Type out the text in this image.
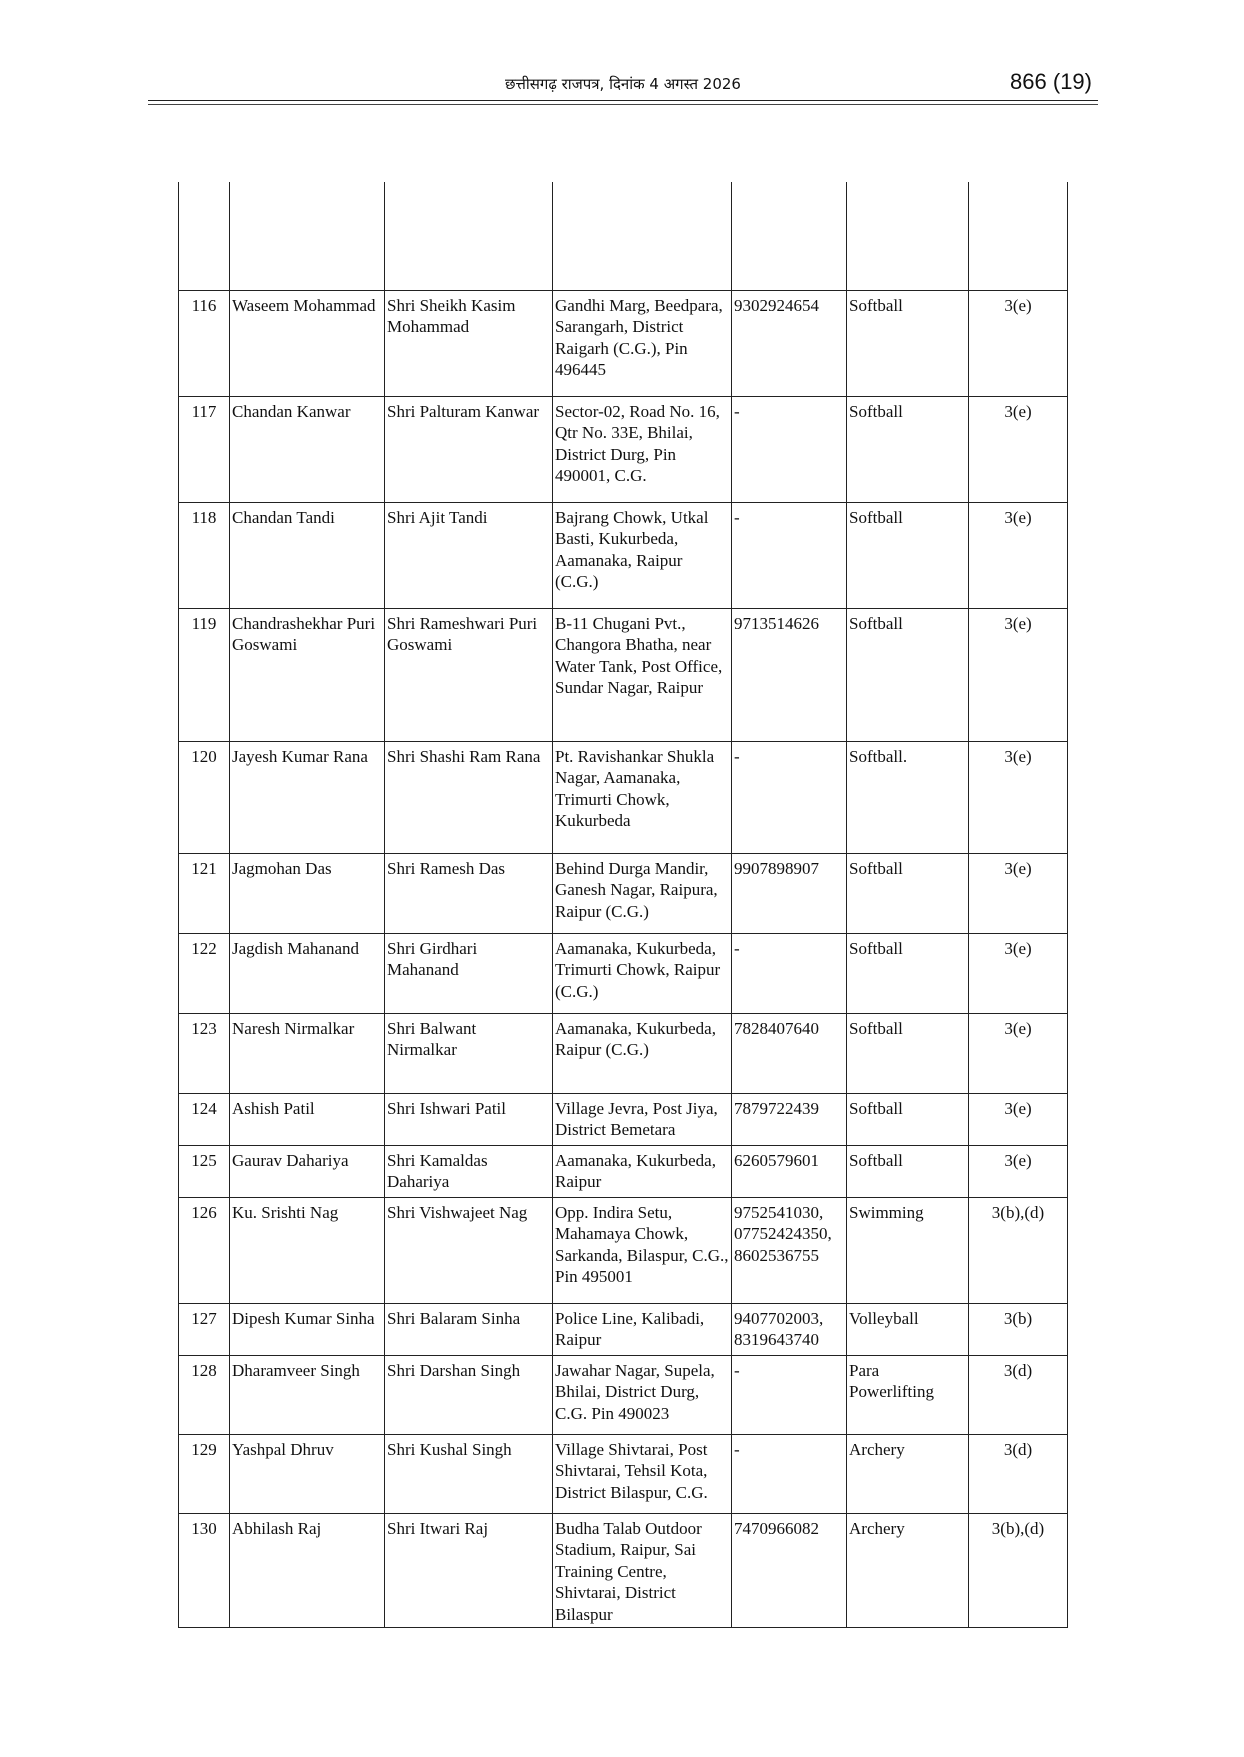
छत्तीसगढ़ राजपत्र, दिनांक 4 अगस्त 2026	866 (19)

116	Waseem Mohammad	Shri Sheikh Kasim Mohammad	Gandhi Marg, Beedpara, Sarangarh, District Raigarh (C.G.), Pin 496445	9302924654	Softball	3(e)
117	Chandan Kanwar	Shri Palturam Kanwar	Sector-02, Road No. 16, Qtr No. 33E, Bhilai, District Durg, Pin 490001, C.G.	-	Softball	3(e)
118	Chandan Tandi	Shri Ajit Tandi	Bajrang Chowk, Utkal Basti, Kukurbeda, Aamanaka, Raipur (C.G.)	-	Softball	3(e)
119	Chandrashekhar Puri Goswami	Shri Rameshwari Puri Goswami	B-11 Chugani Pvt., Changora Bhatha, near Water Tank, Post Office, Sundar Nagar, Raipur	9713514626	Softball	3(e)
120	Jayesh Kumar Rana	Shri Shashi Ram Rana	Pt. Ravishankar Shukla Nagar, Aamanaka, Trimurti Chowk, Kukurbeda	-	Softball.	3(e)
121	Jagmohan Das	Shri Ramesh Das	Behind Durga Mandir, Ganesh Nagar, Raipura, Raipur (C.G.)	9907898907	Softball	3(e)
122	Jagdish Mahanand	Shri Girdhari Mahanand	Aamanaka, Kukurbeda, Trimurti Chowk, Raipur (C.G.)	-	Softball	3(e)
123	Naresh Nirmalkar	Shri Balwant Nirmalkar	Aamanaka, Kukurbeda, Raipur (C.G.)	7828407640	Softball	3(e)
124	Ashish Patil	Shri Ishwari Patil	Village Jevra, Post Jiya, District Bemetara	7879722439	Softball	3(e)
125	Gaurav Dahariya	Shri Kamaldas Dahariya	Aamanaka, Kukurbeda, Raipur	6260579601	Softball	3(e)
126	Ku. Srishti Nag	Shri Vishwajeet Nag	Opp. Indira Setu, Mahamaya Chowk, Sarkanda, Bilaspur, C.G., Pin 495001	9752541030, 07752424350, 8602536755	Swimming	3(b),(d)
127	Dipesh Kumar Sinha	Shri Balaram Sinha	Police Line, Kalibadi, Raipur	9407702003, 8319643740	Volleyball	3(b)
128	Dharamveer Singh	Shri Darshan Singh	Jawahar Nagar, Supela, Bhilai, District Durg, C.G. Pin 490023	-	Para Powerlifting	3(d)
129	Yashpal Dhruv	Shri Kushal Singh	Village Shivtarai, Post Shivtarai, Tehsil Kota, District Bilaspur, C.G.	-	Archery	3(d)
130	Abhilash Raj	Shri Itwari Raj	Budha Talab Outdoor Stadium, Raipur, Sai Training Centre, Shivtarai, District Bilaspur	7470966082	Archery	3(b),(d)
